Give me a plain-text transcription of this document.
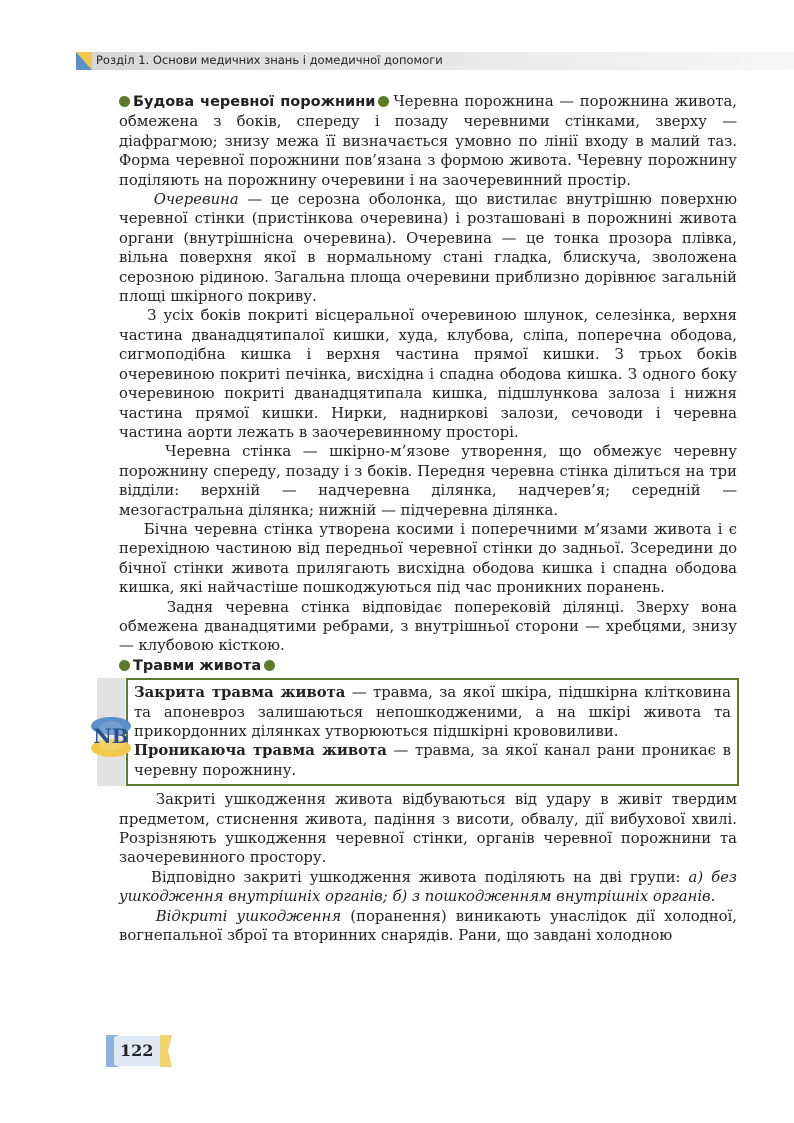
Розділ 1. Основи медичних знань і домедичної допомоги

Будова черевної порожнини Черевна порожнина — порожнина живота, обмежена з боків, спереду і позаду черевними стінками, зверху — діафрагмою; знизу межа її визначається умовно по лінії входу в малий таз. Форма черевної порожнини пов’язана з формою живота. Черевну порожнину поділяють на порожнину очеревини і на заочеревинний простір.

Очеревина — це серозна оболонка, що вистилає внутрішню поверхню черевної стінки (пристінкова очеревина) і розташовані в порожнині живота органи (внутрішнісна очеревина). Очеревина — це тонка прозора плівка, вільна поверхня якої в нормальному стані гладка, блискуча, зволожена серозною рідиною. Загальна площа очеревини приблизно дорівнює загальній площі шкірного покриву.

З усіх боків покриті вісцеральної очеревиною шлунок, селезінка, верхня частина дванадцятипалої кишки, худа, клубова, сліпа, поперечна ободова, сигмоподібна кишка і верхня частина прямої кишки. З трьох боків очеревиною покриті печінка, висхідна і спадна ободова кишка. З одного боку очеревиною покриті дванадцятипала кишка, підшлункова залоза і нижня частина прямої кишки. Нирки, надниркові залози, сечоводи і черевна частина аорти лежать в заочеревинному просторі.

Черевна стінка — шкірно-м’язове утворення, що обмежує черевну порожнину спереду, позаду і з боків. Передня черевна стінка ділиться на три відділи: верхній — надчеревна ділянка, надчерев’я; середній — мезогастральна ділянка; нижній — підчеревна ділянка.

Бічна черевна стінка утворена косими і поперечними м’язами живота і є перехідною частиною від передньої черевної стінки до задньої. Зсередини до бічної стінки живота прилягають висхідна ободова кишка і спадна ободова кишка, які найчастіше пошкоджуються під час проникних поранень.

Задня черевна стінка відповідає поперековій ділянці. Зверху вона обмежена дванадцятими ребрами, з внутрішньої сторони — хребцями, знизу — клубовою кісткою.

Травми живота

NB

Закрита травма живота — травма, за якої шкіра, підшкірна клітковина та апоневроз залишаються непошкодженими, а на шкірі живота та прикордонних ділянках утворюються підшкірні крововиливи.

Проникаюча травма живота — травма, за якої канал рани проникає в черевну порожнину.

Закриті ушкодження живота відбуваються від удару в живіт твердим предметом, стиснення живота, падіння з висоти, обвалу, дії вибухової хвилі. Розрізняють ушкодження черевної стінки, органів черевної порожнини та заочеревинного простору.

Відповідно закриті ушкодження живота поділяють на дві групи: а) без ушкодження внутрішніх органів; б) з пошкодженням внутрішніх органів.

Відкриті ушкодження (поранення) виникають унаслідок дії холодної, вогнепальної зброї та вторинних снарядів. Рани, що завдані холодною

122
